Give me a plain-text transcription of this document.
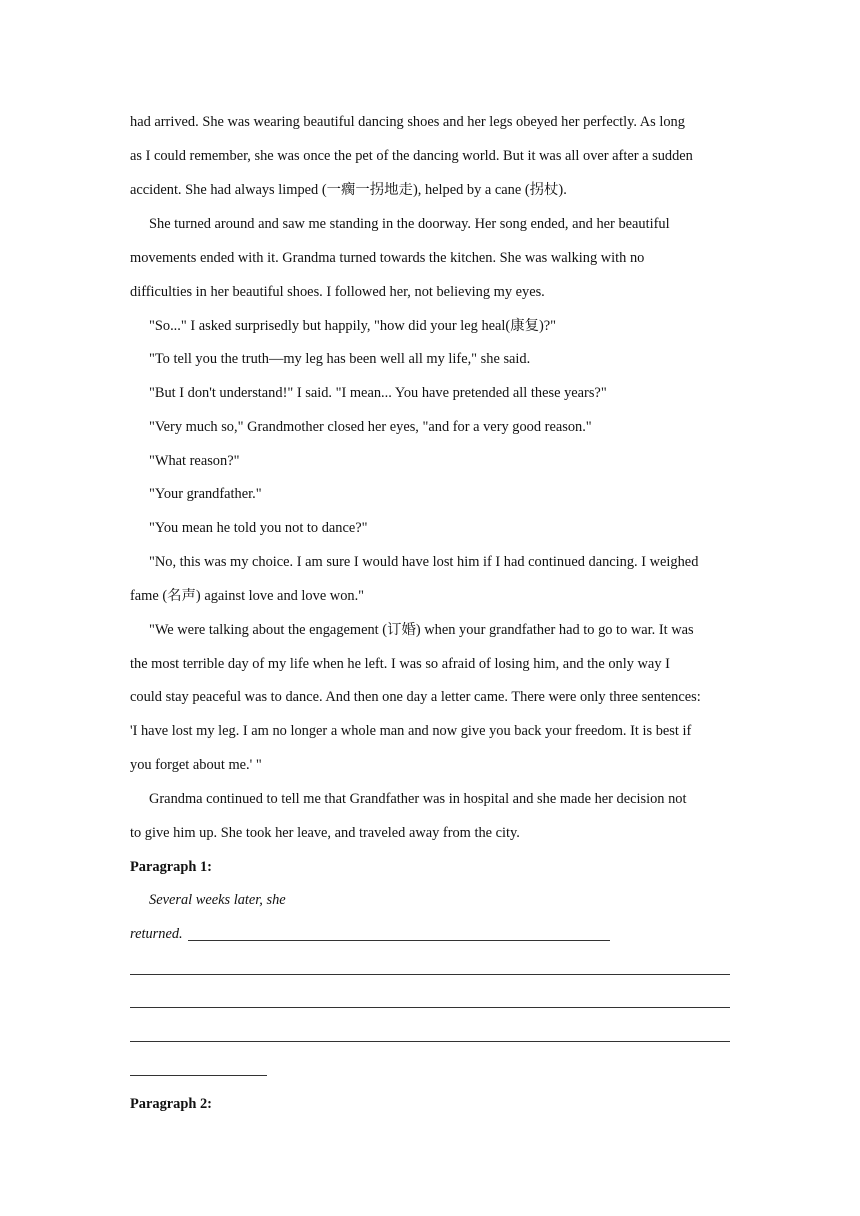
had arrived. She was wearing beautiful dancing shoes and her legs obeyed her perfectly. As long
as I could remember, she was once the pet of the dancing world. But it was all over after a sudden
accident. She had always limped (一瘸一拐地走), helped by a cane (拐杖).
She turned around and saw me standing in the doorway. Her song ended, and her beautiful
movements ended with it. Grandma turned towards the kitchen. She was walking with no
difficulties in her beautiful shoes. I followed her, not believing my eyes.
"So..." I asked surprisedly but happily, "how did your leg heal(康复)?"
"To tell you the truth—my leg has been well all my life," she said.
"But I don't understand!" I said. "I mean... You have pretended all these years?"
"Very much so," Grandmother closed her eyes, "and for a very good reason."
"What reason?"
"Your grandfather."
"You mean he told you not to dance?"
"No, this was my choice. I am sure I would have lost him if I had continued dancing. I weighed
fame (名声) against love and love won."
"We were talking about the engagement (订婚) when your grandfather had to go to war. It was
the most terrible day of my life when he left. I was so afraid of losing him, and the only way I
could stay peaceful was to dance. And then one day a letter came. There were only three sentences:
'I have lost my leg. I am no longer a whole man and now give you back your freedom. It is best if
you forget about me.' "
Grandma continued to tell me that Grandfather was in hospital and she made her decision not
to give him up. She took her leave, and traveled away from the city.
Paragraph 1:
Several weeks later, she
returned.
Paragraph 2:
